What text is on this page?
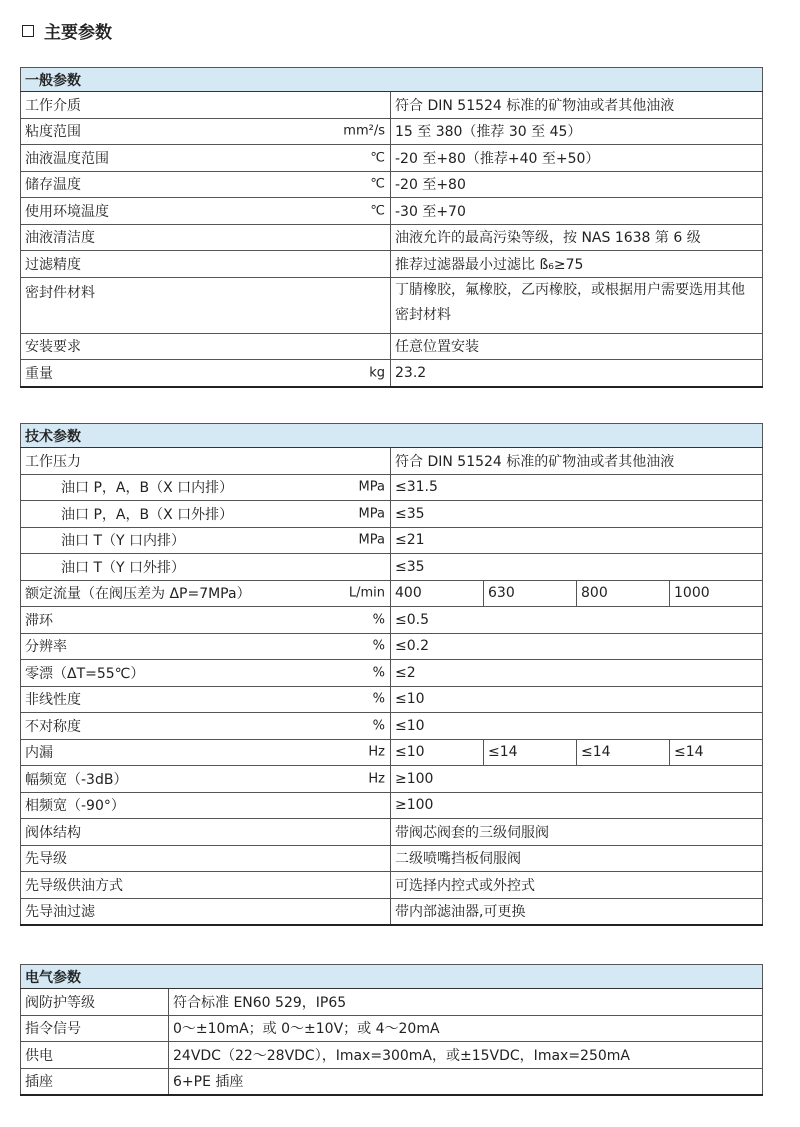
主要参数
一般参数	
工作介质	符合 DIN 51524 标准的矿物油或者其他油液
粘度范围 mm²/s	15 至 380（推荐 30 至 45）
油液温度范围 ℃	-20 至+80（推荐+40 至+50）
储存温度 ℃	-20 至+80
使用环境温度 ℃	-30 至+70
油液清洁度	油液允许的最高污染等级，按 NAS 1638 第 6 级
过滤精度	推荐过滤器最小过滤比 ß₆≥75
密封件材料	丁腈橡胶，氟橡胶，乙丙橡胶，或根据用户需要选用其他密封材料
安装要求	任意位置安装
重量 kg	23.2
技术参数				
工作压力	符合 DIN 51524 标准的矿物油或者其他油液			
油口 P，A，B（X 口内排） MPa	≤31.5			
油口 P，A，B（X 口外排） MPa	≤35			
油口 T（Y 口内排） MPa	≤21			
油口 T（Y 口外排）	≤35			
额定流量（在阀压差为 ΔP=7MPa） L/min	400	630	800	1000
滞环 %	≤0.5			
分辨率 %	≤0.2			
零漂（ΔT=55℃） %	≤2			
非线性度 %	≤10			
不对称度 %	≤10			
内漏 Hz	≤10	≤14	≤14	≤14
幅频宽（-3dB） Hz	≥100			
相频宽（-90°）	≥100			
阀体结构	带阀芯阀套的三级伺服阀			
先导级	二级喷嘴挡板伺服阀			
先导级供油方式	可选择内控式或外控式			
先导油过滤	带内部滤油器,可更换			
电气参数	
阀防护等级	符合标准 EN60 529，IP65
指令信号	0～±10mA；或 0～±10V；或 4～20mA
供电	24VDC（22～28VDC），Imax=300mA，或±15VDC，Imax=250mA
插座	6+PE 插座
